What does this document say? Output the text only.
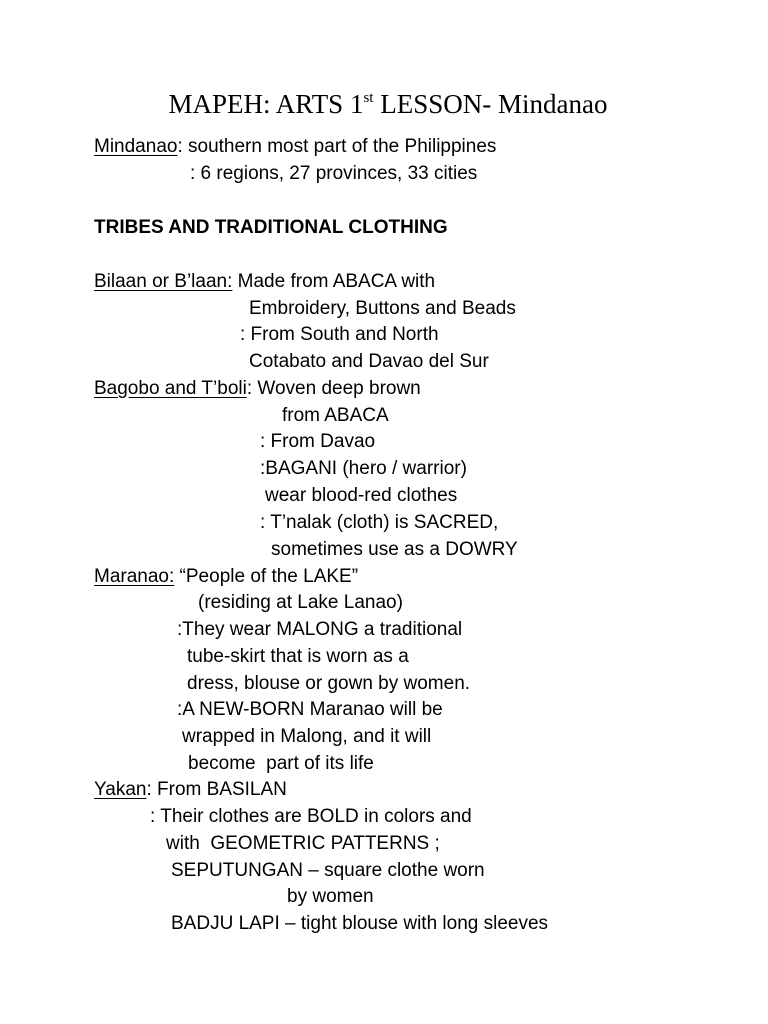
MAPEH: ARTS 1st LESSON- Mindanao
Mindanao: southern most part of the Philippines
: 6 regions, 27 provinces, 33 cities
TRIBES AND TRADITIONAL CLOTHING
Bilaan or B’laan: Made from ABACA with
Embroidery, Buttons and Beads
: From South and North
Cotabato and Davao del Sur
Bagobo and T’boli: Woven deep brown
from ABACA
: From Davao
:BAGANI (hero / warrior)
wear blood-red clothes
: T’nalak (cloth) is SACRED,
sometimes use as a DOWRY
Maranao: “People of the LAKE”
(residing at Lake Lanao)
:They wear MALONG a traditional
tube-skirt that is worn as a
dress, blouse or gown by women.
:A NEW-BORN Maranao will be
wrapped in Malong, and it will
become  part of its life
Yakan: From BASILAN
: Their clothes are BOLD in colors and
with  GEOMETRIC PATTERNS ;
SEPUTUNGAN – square clothe worn
by women
BADJU LAPI – tight blouse with long sleeves
